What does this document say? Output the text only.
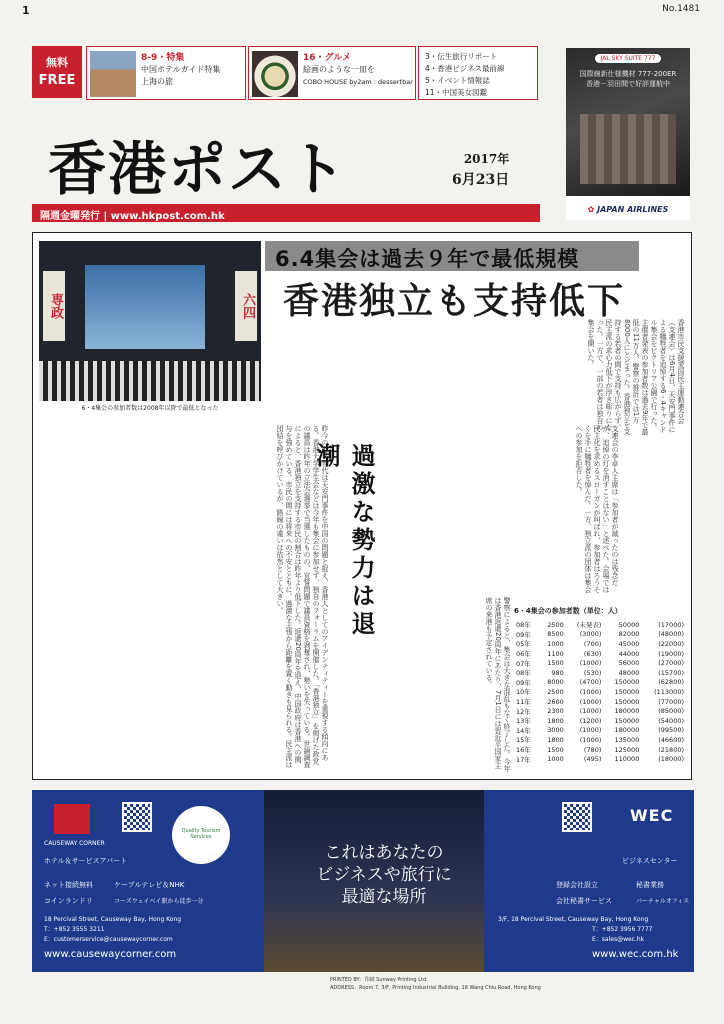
1	No.1481
無料
FREE
8-9・特集
中国ホテルガイド特集
上海の旅
16・グルメ
絵画のような一皿を
COBO HOUSE by2am : dessertbar
3・伝生旅行リポート
4・香港ビジネス最前線
5・イベント情報誌
11・中国美女図鑑
香港ポスト	2017年
6月23日
隔週金曜発行 | www.hkpost.com.hk
JAL SKY SUITE 777
国際線新仕様機材 777-200ER
香港－羽田間で好評運航中
✿ JAPAN AIRLINES
専政	六四
6・4集会の参加者数は2008年以降で最低となった
6.4集会は過去９年で最低規模
香港独立も支持低下
香港市民支援愛国民主運動連合会（支連会）は6月4日、天安門事件による犠牲者を追悼する6・4キャンドル集会をビクトリア公園で行った。主催者発表の参加者数は過去9年で最低の11万人、警察の推計では1万8000人にとどまった。香港独立を支持する若者の間で支持も広がらず、民主派の求心力低下が浮き彫りになった。一方で、一部の若者は独自の集会を開いた。
昨今の若い世代は天安門事件を中国の問題と捉え、香港人としてのアイデンティティーを重視する傾向にある。香港大学学生会などは今年も集会に参加せず、独自のフォーラムを開催した。「香港独立」を掲げた政党の議員は昨年の立法会選挙で当選したものの、宣誓問題で議員資格を剥奪され、勢いを失っている。世論調査によると、香港独立を支持する市民の割合は昨年より低下した。返還20周年を迎え、中国政府は香港への関与を強めている。市民の間には将来への不安とともに、過激な主張から距離を置く動きも見られる。民主派は団結を呼びかけているが、路線の違いは依然として大きい。	過激な勢力は退潮	支連会の李卓人主席は「参加者が減ったのは残念だが、追悼の灯を消すことはない」と述べた。会場では民主化を求めるスローガンが叫ばれ、参加者はろうそくを手に犠牲者を悼んだ。一方、独立派の団体は集会への参加を拒否した。
警察によると、集会は大きな混乱もなく終了した。今年は香港返還20周年にあたり、7月1日には習近平国家主席の来港も予定されている。	6・4集会の参加者数（単位：人）
08年	2500	(未発表)	50000	(17000)
09年	8500	(3000)	82000	(48000)
05年	1000	(700)	45000	(22000)
06年	1100	(630)	44000	(19000)
07年	1500	(1000)	56000	(27000)
08年	980	(530)	48000	(15700)
09年	8000	(4700)	150000	(62800)
10年	2500	(1000)	150000	(113000)
11年	2600	(1000)	150000	(77000)
12年	2300	(1000)	180000	(85000)
13年	1800	(1200)	150000	(54000)
14年	3000	(1000)	180000	(99500)
15年	1800	(1000)	135000	(46600)
16年	1500	(780)	125000	(21800)
17年	1000	(495)	110000	(18000)
CAUSEWAY CORNER
Quality Tourism Services
ホテル＆サービスアパート
ネット接続無料	ケーブルテレビ＆NHK
コインランドリ	コーズウェイベイ駅から徒歩一分
18 Percival Street, Causeway Bay, Hong Kong
T：+852 3555 3211
E：customerservice@causewaycorner.com
www.causewaycorner.com
これはあなたの
ビジネスや旅行に
最適な場所
WEC
ビジネスセンター
登録会社設立	秘書業務
会社秘書サービス	バーチャルオフィス
3/F, 18 Percival Street, Causeway Bay, Hong Kong
T：+852 3956 7777
E：sales@wec.hk
www.wec.com.hk
PRINTED BY：印刷 Sunway Printing Ltd.
ADDRESS：Room 7, 3/F, Printing Industrial Building, 18 Wang Chiu Road, Hong Kong
